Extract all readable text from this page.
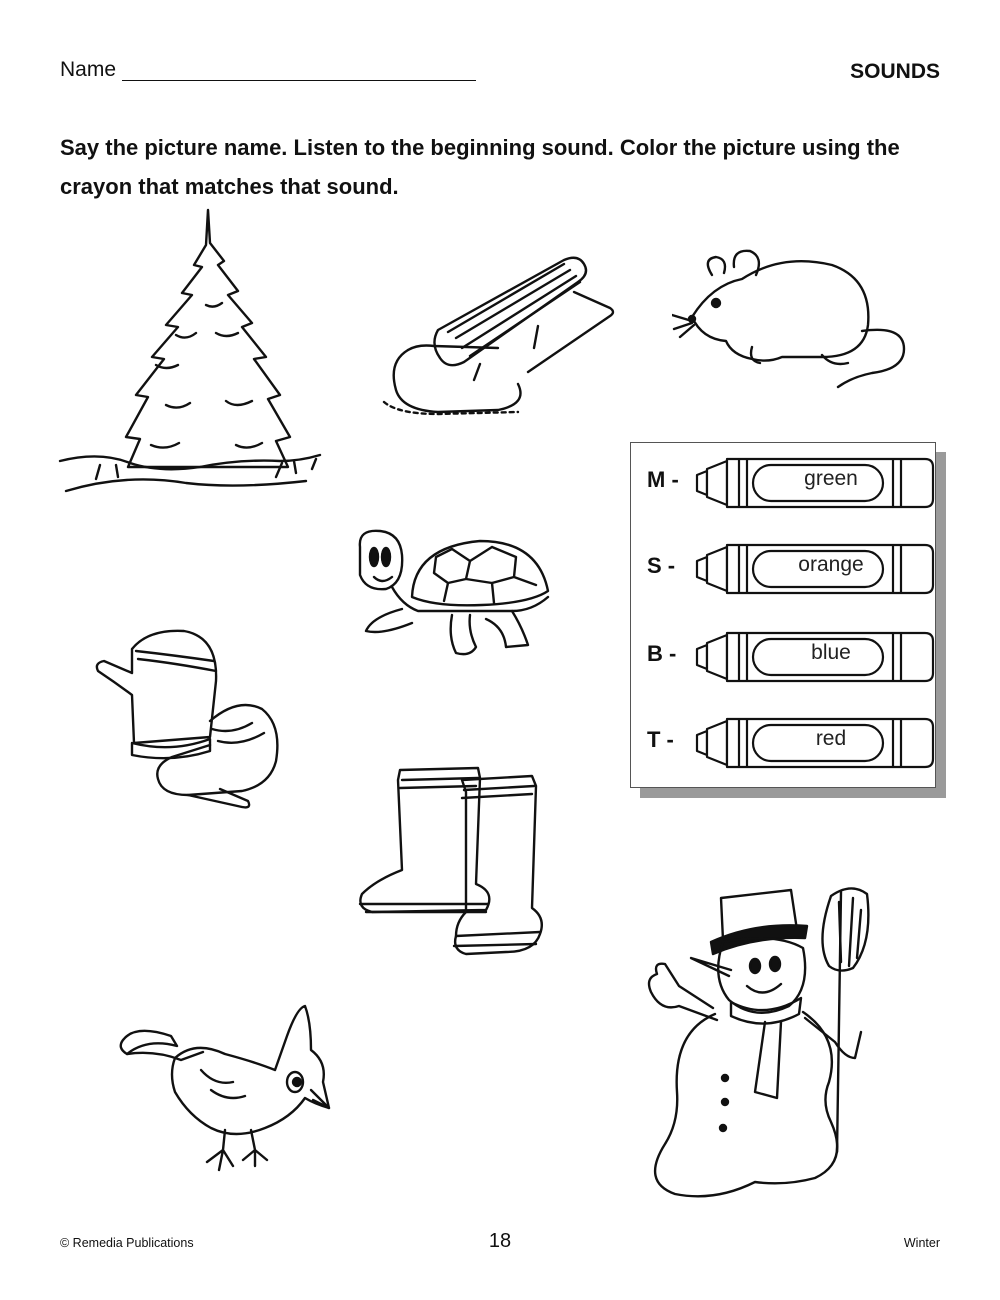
Name	SOUNDS
Say the picture name. Listen to the beginning sound. Color the picture using the crayon that matches that sound.
M -	green
S -	orange
B -	blue
T -	red
© Remedia Publications	18	Winter
